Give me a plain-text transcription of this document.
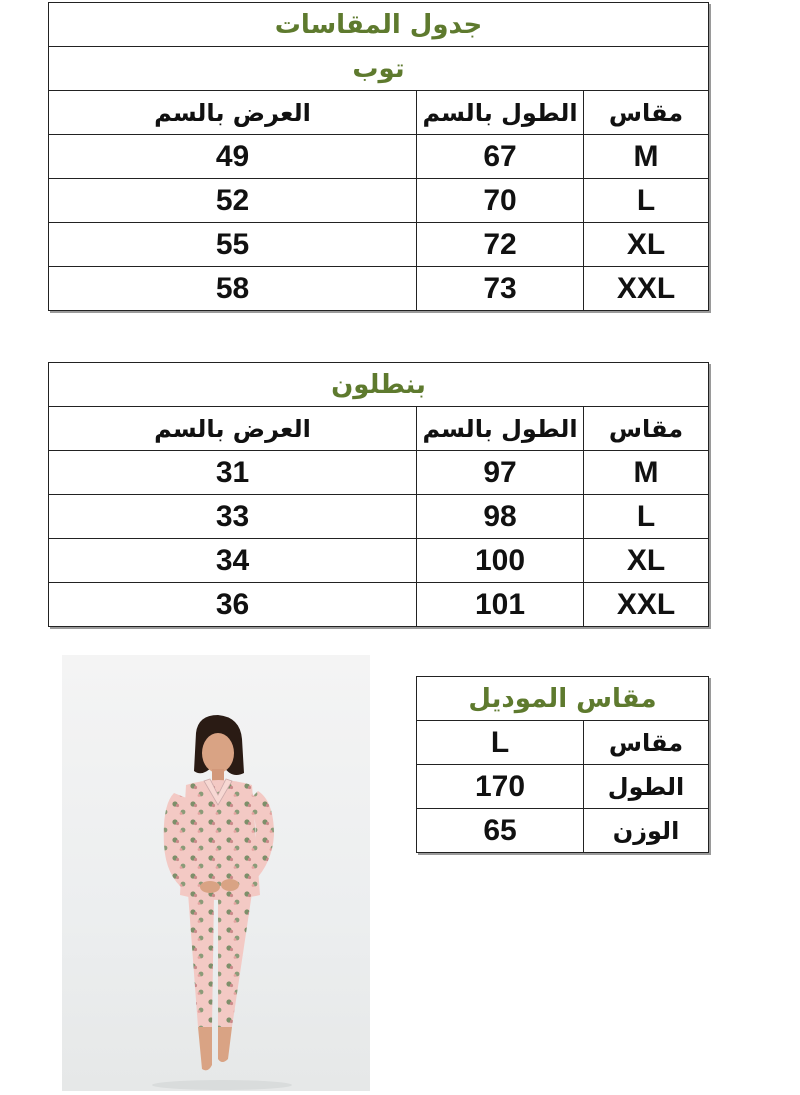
جدول المقاسات		
توب		
العرض بالسم	الطول بالسم	مقاس
49	67	M
52	70	L
55	72	XL
58	73	XXL
بنطلون		
العرض بالسم	الطول بالسم	مقاس
31	97	M
33	98	L
34	100	XL
36	101	XXL
مقاس الموديل	
L	مقاس
170	الطول
65	الوزن
